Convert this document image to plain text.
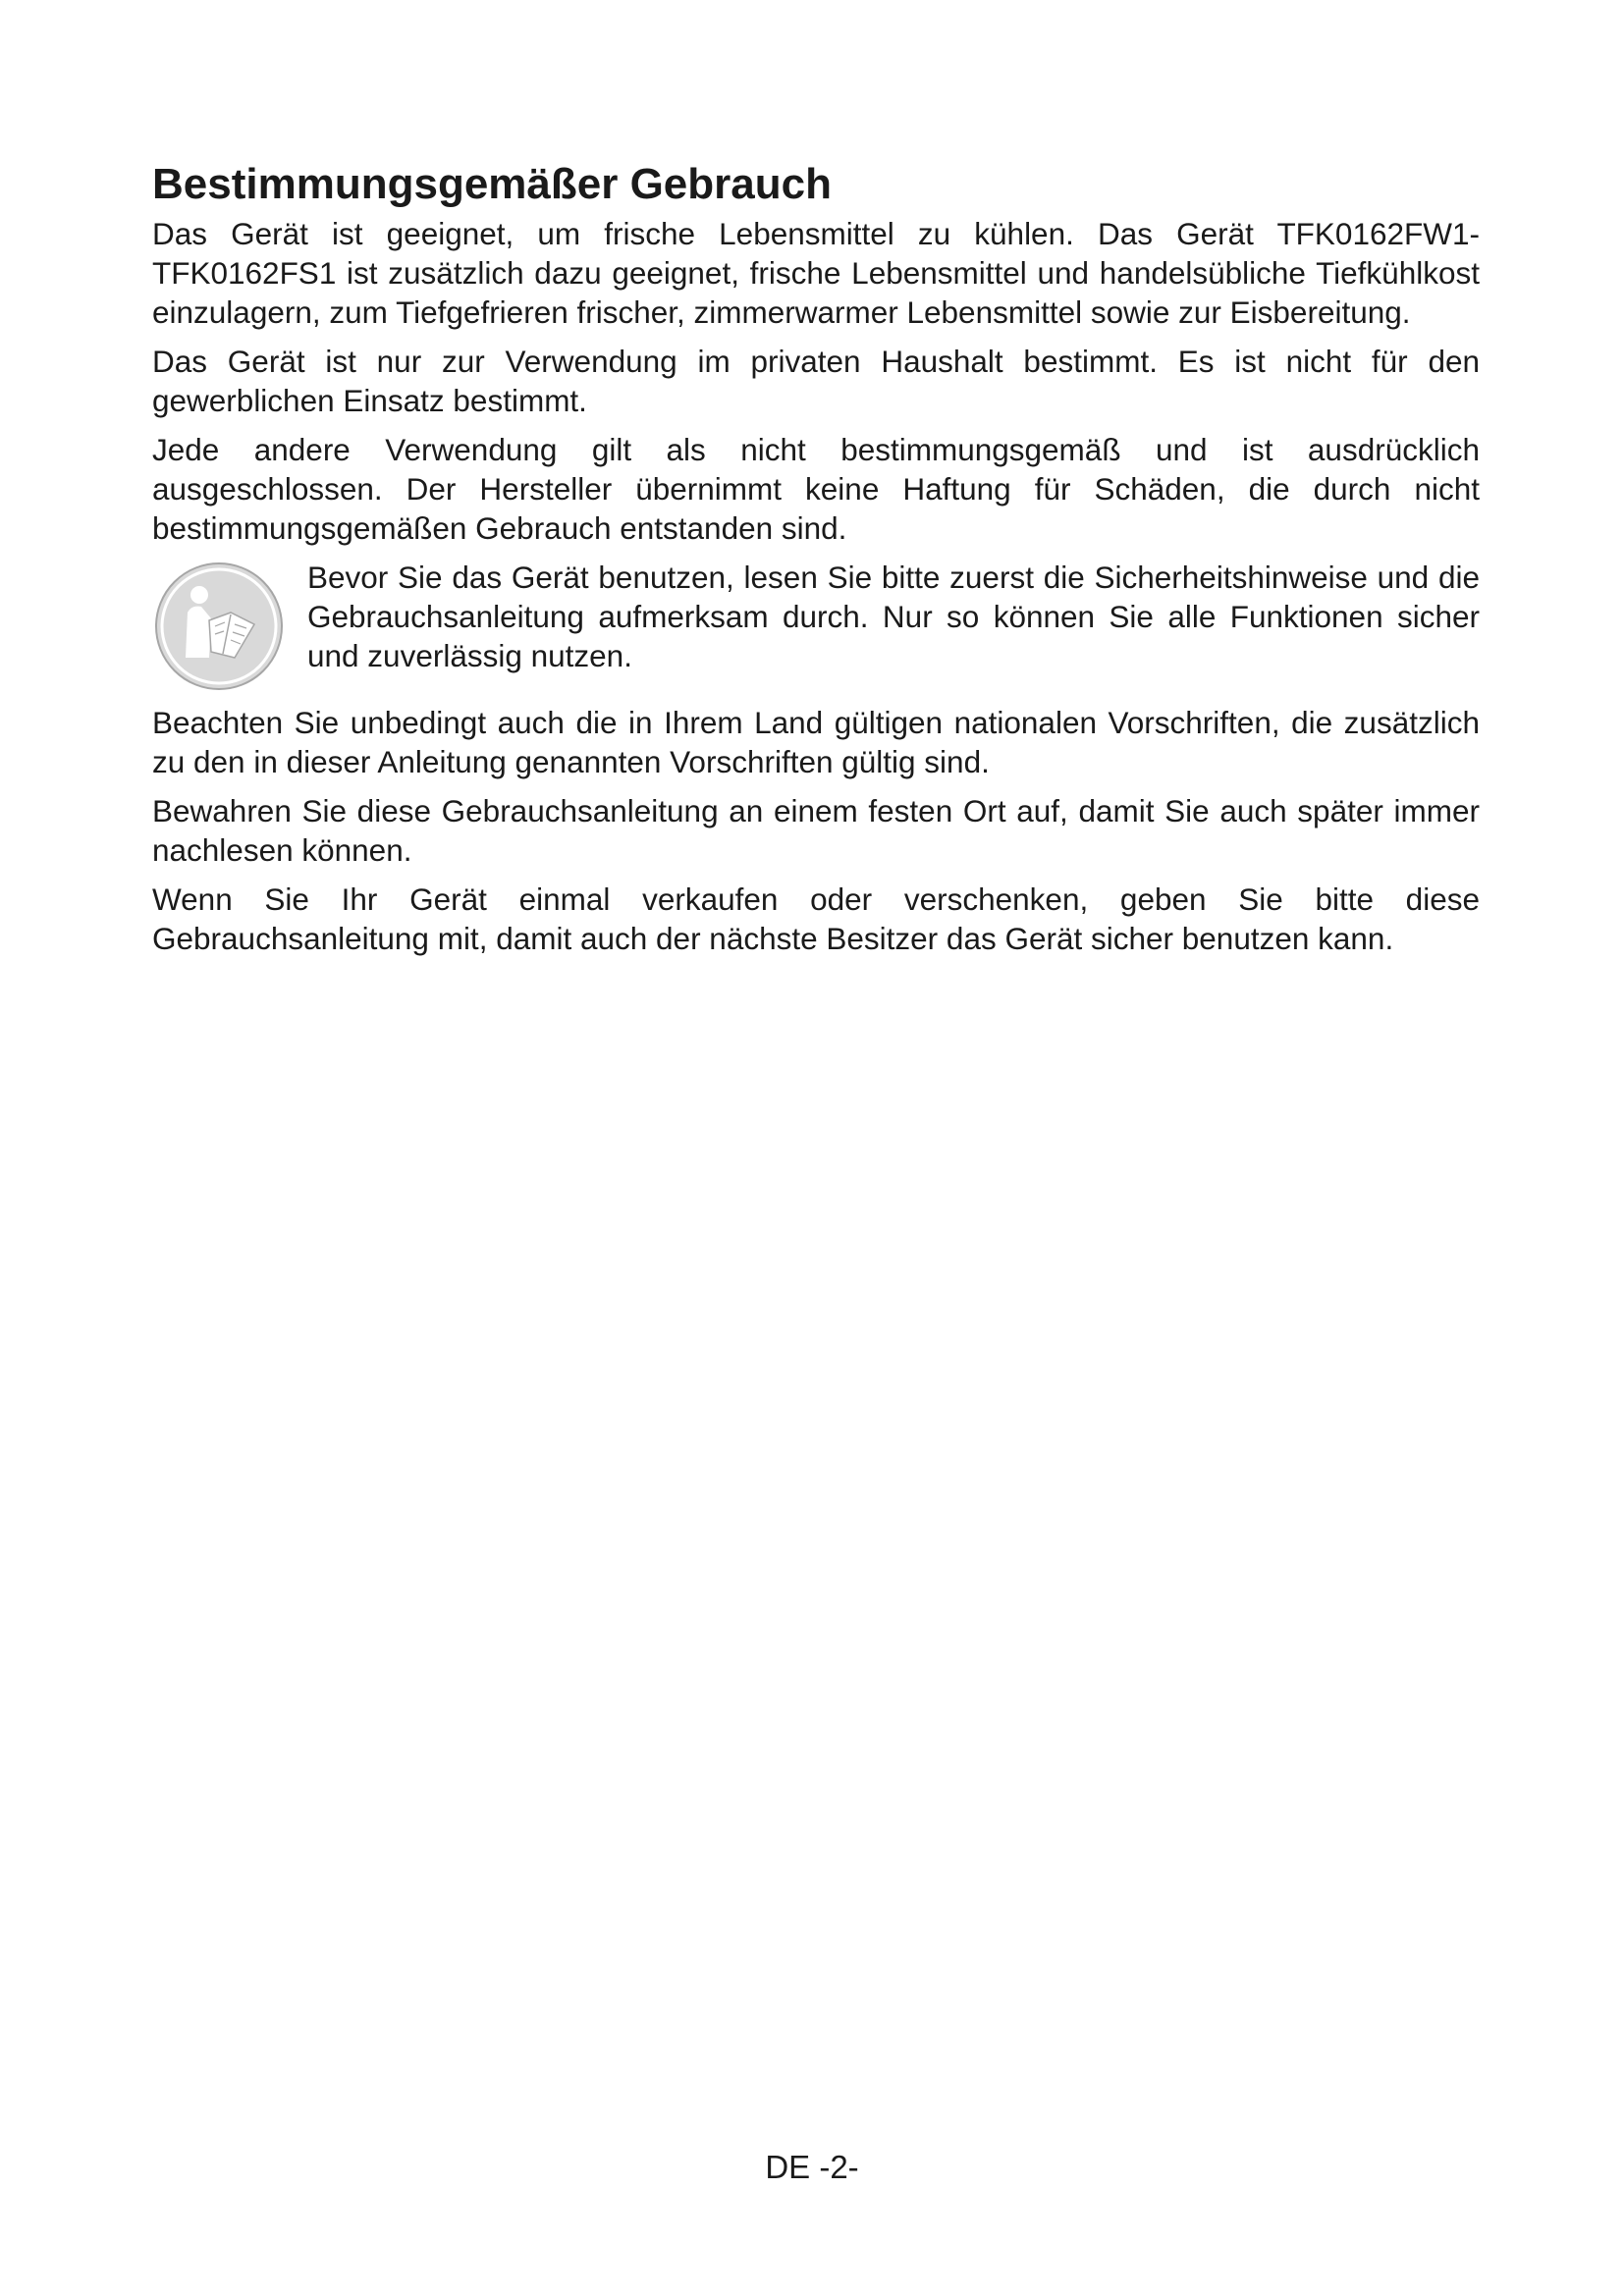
Bestimmungsgemäßer Gebrauch

Das Gerät ist geeignet, um frische Lebensmittel zu kühlen. Das Gerät TFK0162FW1-TFK0162FS1 ist zusätzlich dazu geeignet, frische Lebensmittel und handelsübliche Tiefkühlkost einzulagern, zum Tiefgefrieren frischer, zimmerwarmer Lebensmittel sowie zur Eisbereitung.

Das Gerät ist nur zur Verwendung im privaten Haushalt bestimmt. Es ist nicht für den gewerblichen Einsatz bestimmt.

Jede andere Verwendung gilt als nicht bestimmungsgemäß und ist ausdrücklich ausgeschlossen. Der Hersteller übernimmt keine Haftung für Schäden, die durch nicht bestimmungsgemäßen Gebrauch entstanden sind.

Bevor Sie das Gerät benutzen, lesen Sie bitte zuerst die Sicherheitshinweise und die Gebrauchsanleitung aufmerksam durch. Nur so können Sie alle Funktionen sicher und zuverlässig nutzen.

Beachten Sie unbedingt auch die in Ihrem Land gültigen nationalen Vorschriften, die zusätzlich zu den in dieser Anleitung genannten Vorschriften gültig sind.

Bewahren Sie diese Gebrauchsanleitung an einem festen Ort auf, damit Sie auch später immer nachlesen können.

Wenn Sie Ihr Gerät einmal verkaufen oder verschenken, geben Sie bitte diese Gebrauchsanleitung mit, damit auch der nächste Besitzer das Gerät sicher benutzen kann.

DE -2-
